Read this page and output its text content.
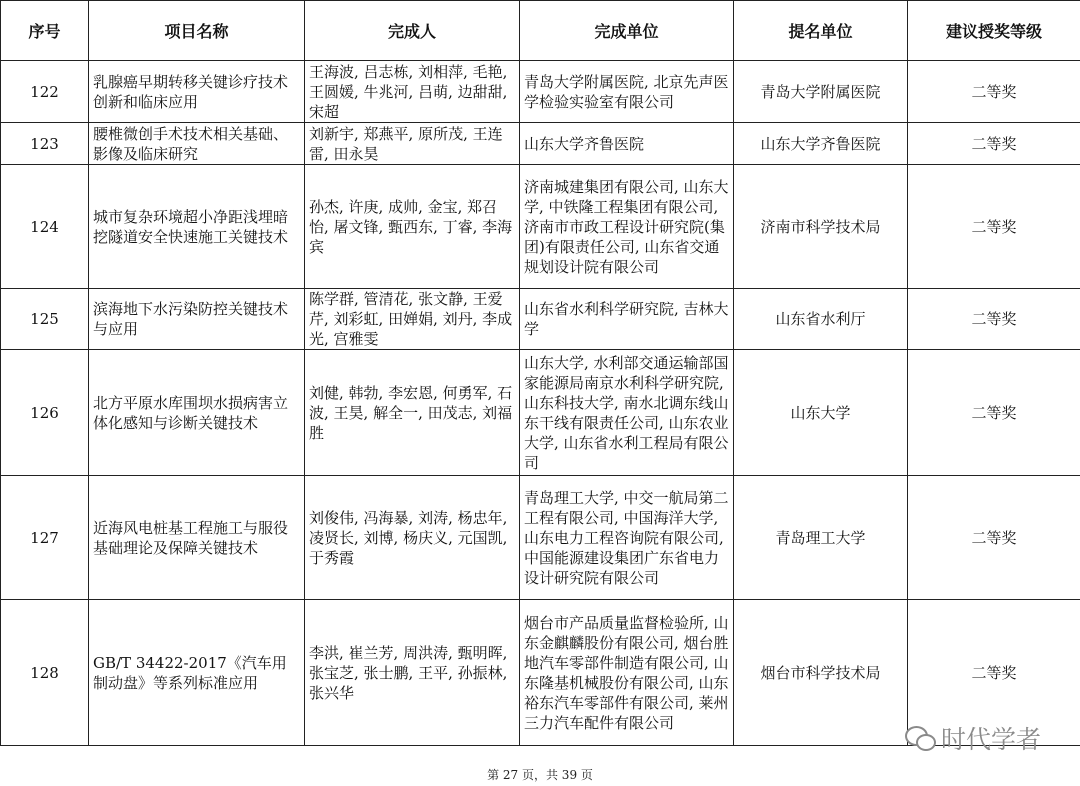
序号	项目名称	完成人	完成单位	提名单位	建议授奖等级
122	乳腺癌早期转移关键诊疗技术创新和临床应用	王海波, 吕志栋, 刘相萍, 毛艳, 王圆媛, 牛兆河, 吕萌, 边甜甜, 宋超	青岛大学附属医院, 北京先声医学检验实验室有限公司	青岛大学附属医院	二等奖
123	腰椎微创手术技术相关基础、影像及临床研究	刘新宇, 郑燕平, 原所茂, 王连雷, 田永昊	山东大学齐鲁医院	山东大学齐鲁医院	二等奖
124	城市复杂环境超小净距浅埋暗挖隧道安全快速施工关键技术	孙杰, 许庚, 成帅, 金宝, 郑召怡, 屠文锋, 甄西东, 丁睿, 李海宾	济南城建集团有限公司, 山东大学, 中铁隆工程集团有限公司, 济南市市政工程设计研究院(集团)有限责任公司, 山东省交通规划设计院有限公司	济南市科学技术局	二等奖
125	滨海地下水污染防控关键技术与应用	陈学群, 管清花, 张文静, 王爱芹, 刘彩虹, 田婵娟, 刘丹, 李成光, 宫雅雯	山东省水利科学研究院, 吉林大学	山东省水利厅	二等奖
126	北方平原水库围坝水损病害立体化感知与诊断关键技术	刘健, 韩勃, 李宏恩, 何勇军, 石波, 王昊, 解全一, 田茂志, 刘福胜	山东大学, 水利部交通运输部国家能源局南京水利科学研究院, 山东科技大学, 南水北调东线山东干线有限责任公司, 山东农业大学, 山东省水利工程局有限公司	山东大学	二等奖
127	近海风电桩基工程施工与服役基础理论及保障关键技术	刘俊伟, 冯海暴, 刘涛, 杨忠年, 凌贤长, 刘博, 杨庆义, 元国凯, 于秀霞	青岛理工大学, 中交一航局第二工程有限公司, 中国海洋大学, 山东电力工程咨询院有限公司, 中国能源建设集团广东省电力设计研究院有限公司	青岛理工大学	二等奖
128	GB/T 34422-2017《汽车用制动盘》等系列标准应用	李洪, 崔兰芳, 周洪涛, 甄明晖, 张宝芝, 张士鹏, 王平, 孙振林, 张兴华	烟台市产品质量监督检验所, 山东金麒麟股份有限公司, 烟台胜地汽车零部件制造有限公司, 山东隆基机械股份有限公司, 山东裕东汽车零部件有限公司, 莱州三力汽车配件有限公司	烟台市科学技术局	二等奖
时代学者
第 27 页，共 39 页
